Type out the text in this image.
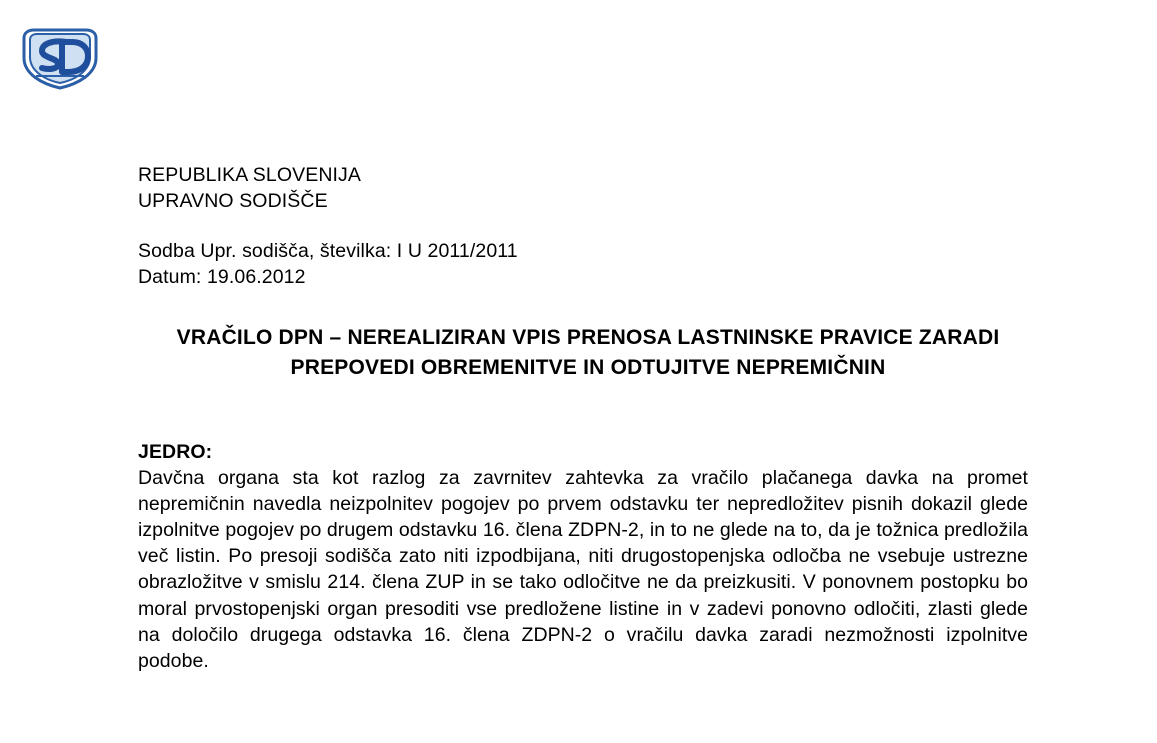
REPUBLIKA SLOVENIJA
UPRAVNO SODIŠČE
Sodba Upr. sodišča, številka: I U 2011/2011
Datum: 19.06.2012
VRAČILO DPN – NEREALIZIRAN VPIS PRENOSA LASTNINSKE PRAVICE ZARADI PREPOVEDI OBREMENITVE IN ODTUJITVE NEPREMIČNIN
JEDRO:
Davčna organa sta kot razlog za zavrnitev zahtevka za vračilo plačanega davka na promet nepremičnin navedla neizpolnitev pogojev po prvem odstavku ter nepredložitev pisnih dokazil glede izpolnitve pogojev po drugem odstavku 16. člena ZDPN-2, in to ne glede na to, da je tožnica predložila več listin. Po presoji sodišča zato niti izpodbijana, niti drugostopenjska odločba ne vsebuje ustrezne obrazložitve v smislu 214. člena ZUP in se tako odločitve ne da preizkusiti. V ponovnem postopku bo moral prvostopenjski organ presoditi vse predložene listine in v zadevi ponovno odločiti, zlasti glede na določilo drugega odstavka 16. člena ZDPN-2 o vračilu davka zaradi nezmožnosti izpolnitve podobe.
